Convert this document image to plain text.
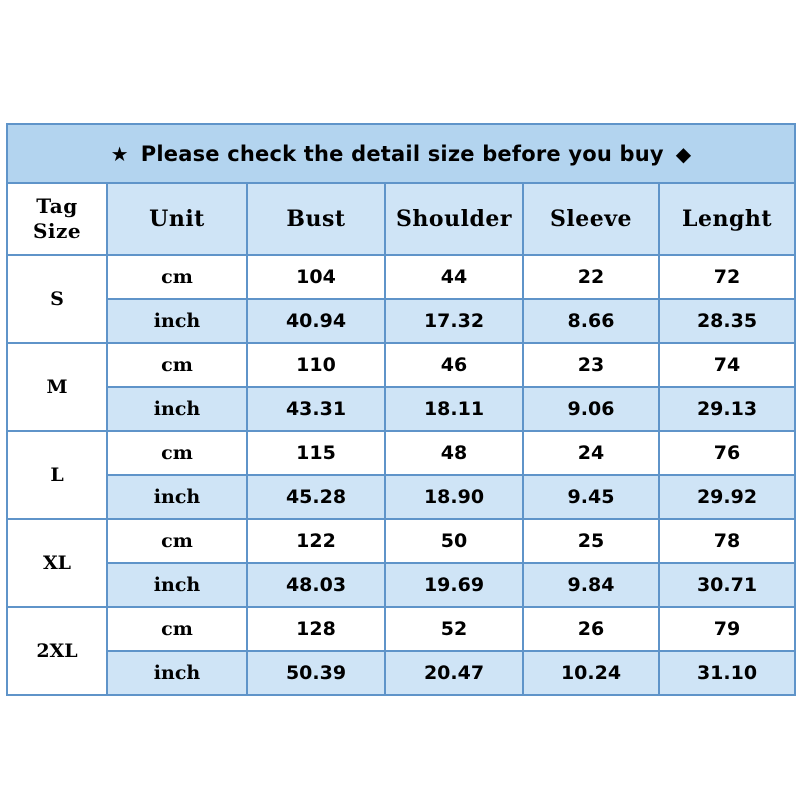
★ Please check the detail size before you buy ◆					

Tag
Size	Unit	Bust	Shoulder	Sleeve	Lenght
S	cm	104	44	22	72
	inch	40.94	17.32	8.66	28.35
M	cm	110	46	23	74
	inch	43.31	18.11	9.06	29.13
L	cm	115	48	24	76
	inch	45.28	18.90	9.45	29.92
XL	cm	122	50	25	78
	inch	48.03	19.69	9.84	30.71
2XL	cm	128	52	26	79
	inch	50.39	20.47	10.24	31.10
